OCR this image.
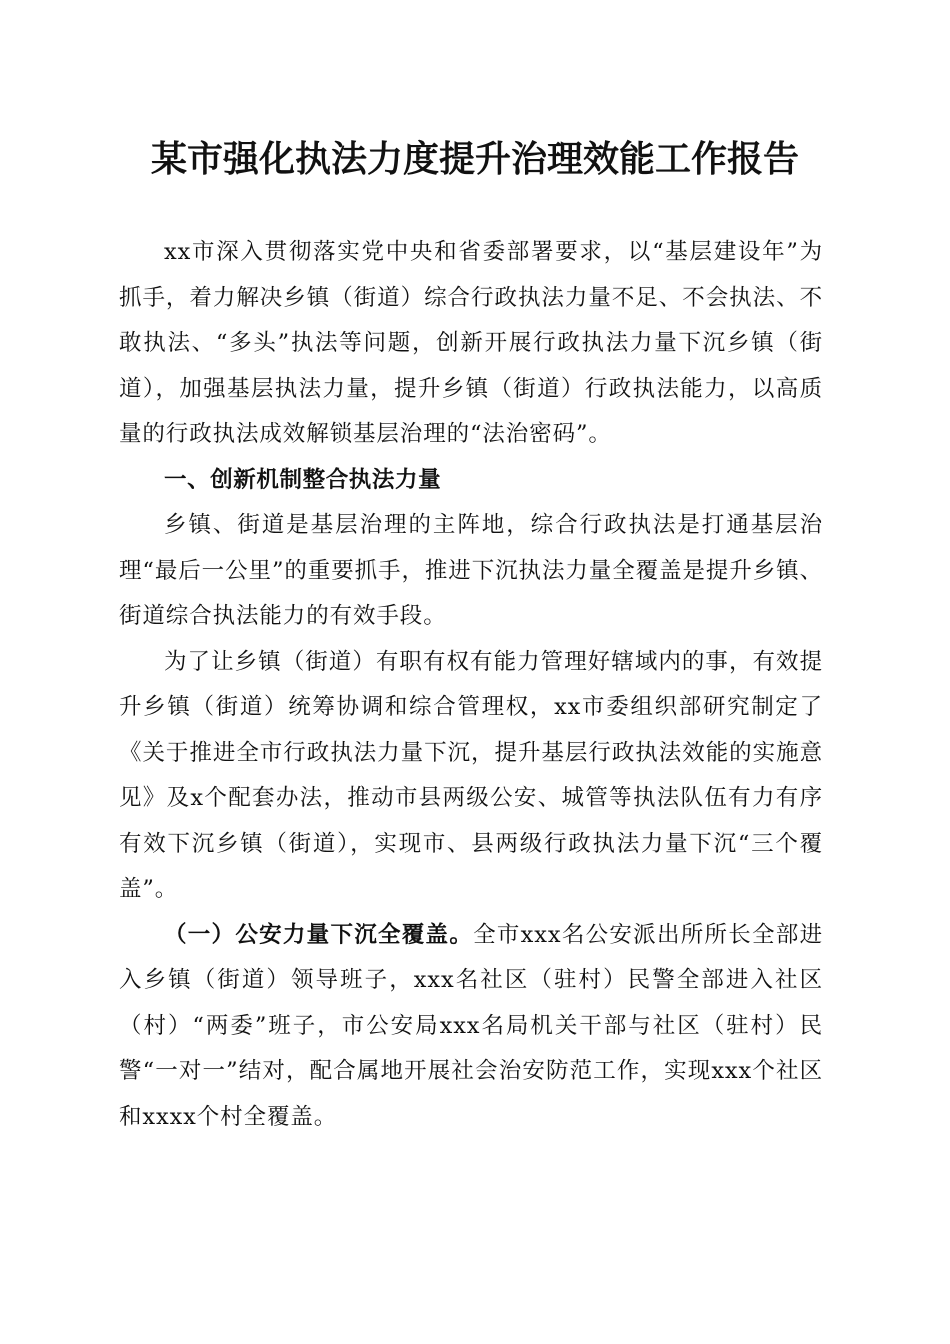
某市强化执法力度提升治理效能工作报告

xx市深入贯彻落实党中央和省委部署要求，以“基层建设年”为抓手，着力解决乡镇（街道）综合行政执法力量不足、不会执法、不敢执法、“多头”执法等问题，创新开展行政执法力量下沉乡镇（街道），加强基层执法力量，提升乡镇（街道）行政执法能力，以高质量的行政执法成效解锁基层治理的“法治密码”。

一、创新机制整合执法力量

乡镇、街道是基层治理的主阵地，综合行政执法是打通基层治理“最后一公里”的重要抓手，推进下沉执法力量全覆盖是提升乡镇、街道综合执法能力的有效手段。

为了让乡镇（街道）有职有权有能力管理好辖域内的事，有效提升乡镇（街道）统筹协调和综合管理权，xx市委组织部研究制定了《关于推进全市行政执法力量下沉，提升基层行政执法效能的实施意见》及x个配套办法，推动市县两级公安、城管等执法队伍有力有序有效下沉乡镇（街道），实现市、县两级行政执法力量下沉“三个覆盖”。

（一）公安力量下沉全覆盖。全市xxx名公安派出所所长全部进入乡镇（街道）领导班子，xxx名社区（驻村）民警全部进入社区（村）“两委”班子，市公安局xxx名局机关干部与社区（驻村）民警“一对一”结对，配合属地开展社会治安防范工作，实现xxx个社区和xxxx个村全覆盖。
